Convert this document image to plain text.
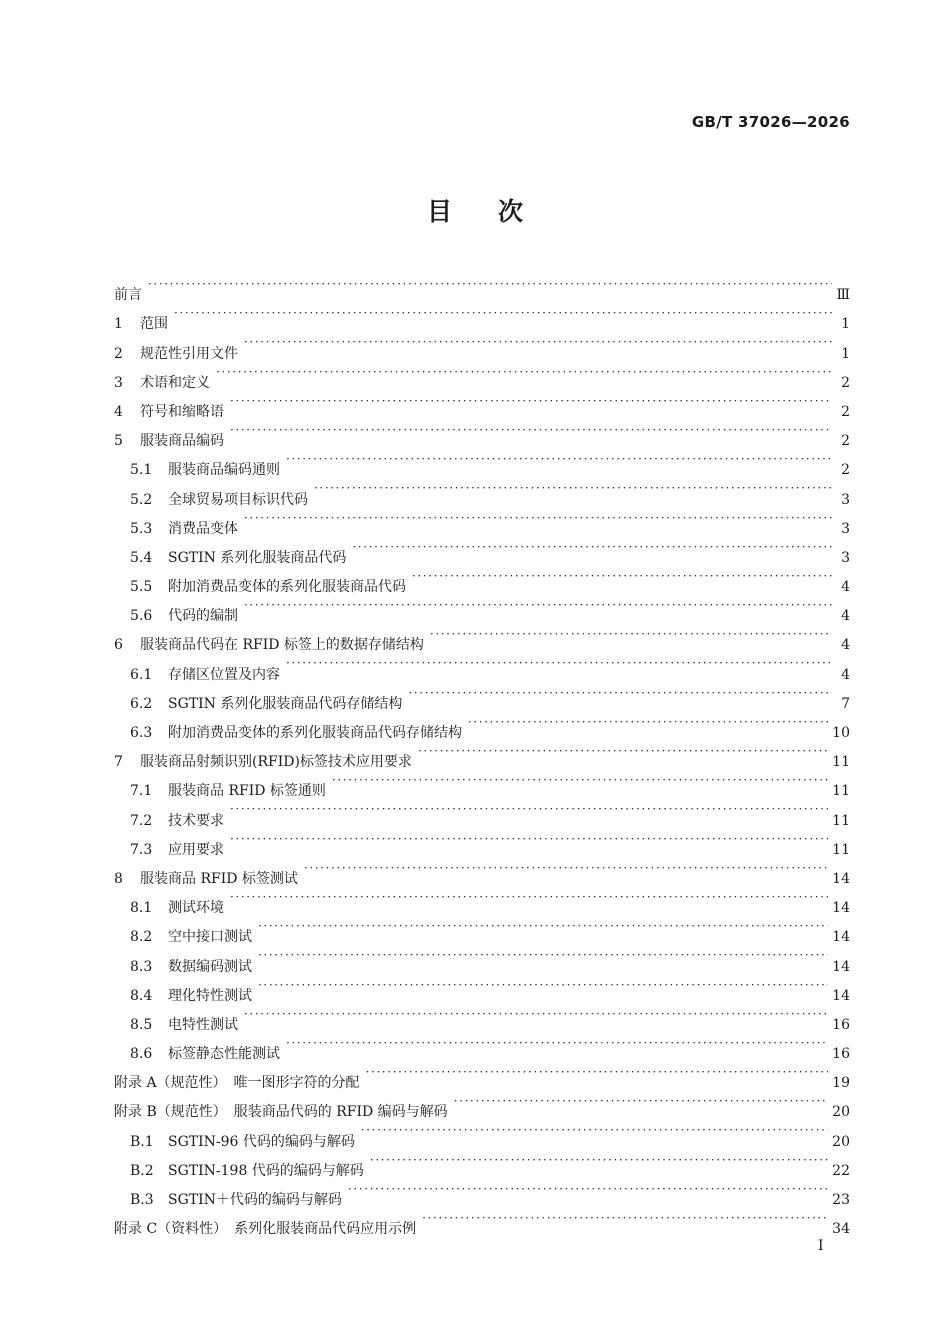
GB/T 37026—2026
目次
前言 ·····	Ⅲ
1	范围 ·····	1
2	规范性引用文件 ·····	1
3	术语和定义 ·····	2
4	符号和缩略语 ·····	2
5	服装商品编码 ·····	2
5.1	服装商品编码通则 ·····	2
5.2	全球贸易项目标识代码 ·····	3
5.3	消费品变体 ·····	3
5.4	SGTIN 系列化服装商品代码 ·····	3
5.5	附加消费品变体的系列化服装商品代码 ·····	4
5.6	代码的编制 ·····	4
6	服装商品代码在 RFID 标签上的数据存储结构 ·····	4
6.1	存储区位置及内容 ·····	4
6.2	SGTIN 系列化服装商品代码存储结构 ·····	7
6.3	附加消费品变体的系列化服装商品代码存储结构 ·····	10
7	服装商品射频识别(RFID)标签技术应用要求 ·····	11
7.1	服装商品 RFID 标签通则 ·····	11
7.2	技术要求 ·····	11
7.3	应用要求 ·····	11
8	服装商品 RFID 标签测试 ·····	14
8.1	测试环境 ·····	14
8.2	空中接口测试 ·····	14
8.3	数据编码测试 ·····	14
8.4	理化特性测试 ·····	14
8.5	电特性测试 ·····	16
8.6	标签静态性能测试 ·····	16
附录 A（规范性）　唯一图形字符的分配 ·····	19
附录 B（规范性）　服装商品代码的 RFID 编码与解码 ·····	20
B.1	SGTIN-96 代码的编码与解码 ·····	20
B.2	SGTIN-198 代码的编码与解码 ·····	22
B.3	SGTIN＋代码的编码与解码 ·····	23
附录 C（资料性）　系列化服装商品代码应用示例 ·····	34
I
